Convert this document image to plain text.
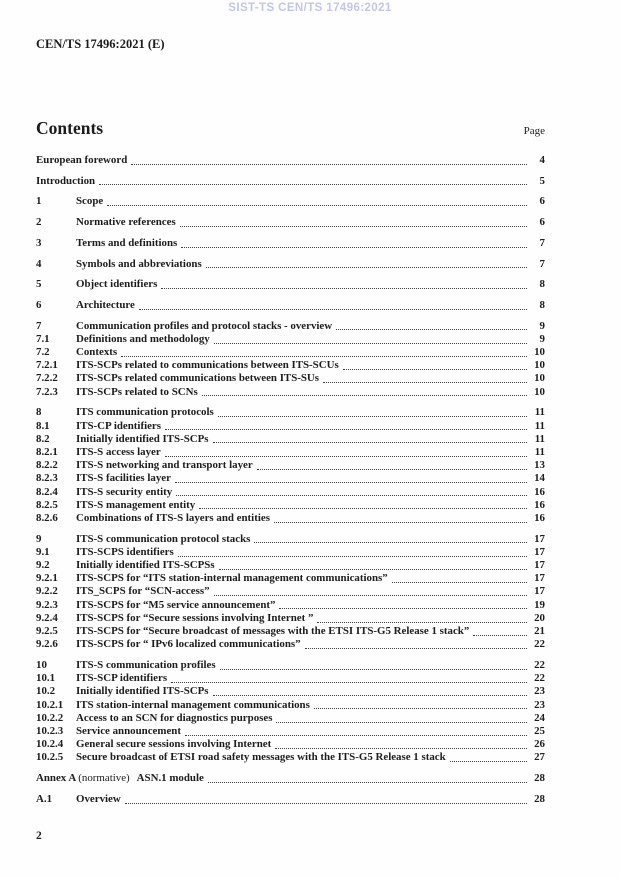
SIST-TS CEN/TS 17496:2021
CEN/TS 17496:2021 (E)
Contents	Page
European foreword	4
Introduction	5
1	Scope	6
2	Normative references	6
3	Terms and definitions	7
4	Symbols and abbreviations	7
5	Object identifiers	8
6	Architecture	8
7	Communication profiles and protocol stacks - overview	9
7.1	Definitions and methodology	9
7.2	Contexts	10
7.2.1	ITS-SCPs related to communications between ITS-SCUs	10
7.2.2	ITS-SCPs related communications between ITS-SUs	10
7.2.3	ITS-SCPs related to SCNs	10
8	ITS communication protocols	11
8.1	ITS-CP identifiers	11
8.2	Initially identified ITS-SCPs	11
8.2.1	ITS-S access layer	11
8.2.2	ITS-S networking and transport layer	13
8.2.3	ITS-S facilities layer	14
8.2.4	ITS-S security entity	16
8.2.5	ITS-S management entity	16
8.2.6	Combinations of ITS-S layers and entities	16
9	ITS-S communication protocol stacks	17
9.1	ITS-SCPS identifiers	17
9.2	Initially identified ITS-SCPSs	17
9.2.1	ITS-SCPS for “ITS station-internal management communications”	17
9.2.2	ITS_SCPS for “SCN-access”	17
9.2.3	ITS-SCPS for “M5 service announcement”	19
9.2.4	ITS-SCPS for “Secure sessions involving Internet ”	20
9.2.5	ITS-SCPS for “Secure broadcast of messages with the ETSI ITS-G5 Release 1 stack”	21
9.2.6	ITS-SCPS for “ IPv6 localized communications”	22
10	ITS-S communication profiles	22
10.1	ITS-SCP identifiers	22
10.2	Initially identified ITS-SCPs	23
10.2.1	ITS station-internal management communications	23
10.2.2	Access to an SCN for diagnostics purposes	24
10.2.3	Service announcement	25
10.2.4	General secure sessions involving Internet	26
10.2.5	Secure broadcast of ETSI road safety messages with the ITS-G5 Release 1 stack	27
Annex A (normative) ASN.1 module	28
A.1	Overview	28
2
